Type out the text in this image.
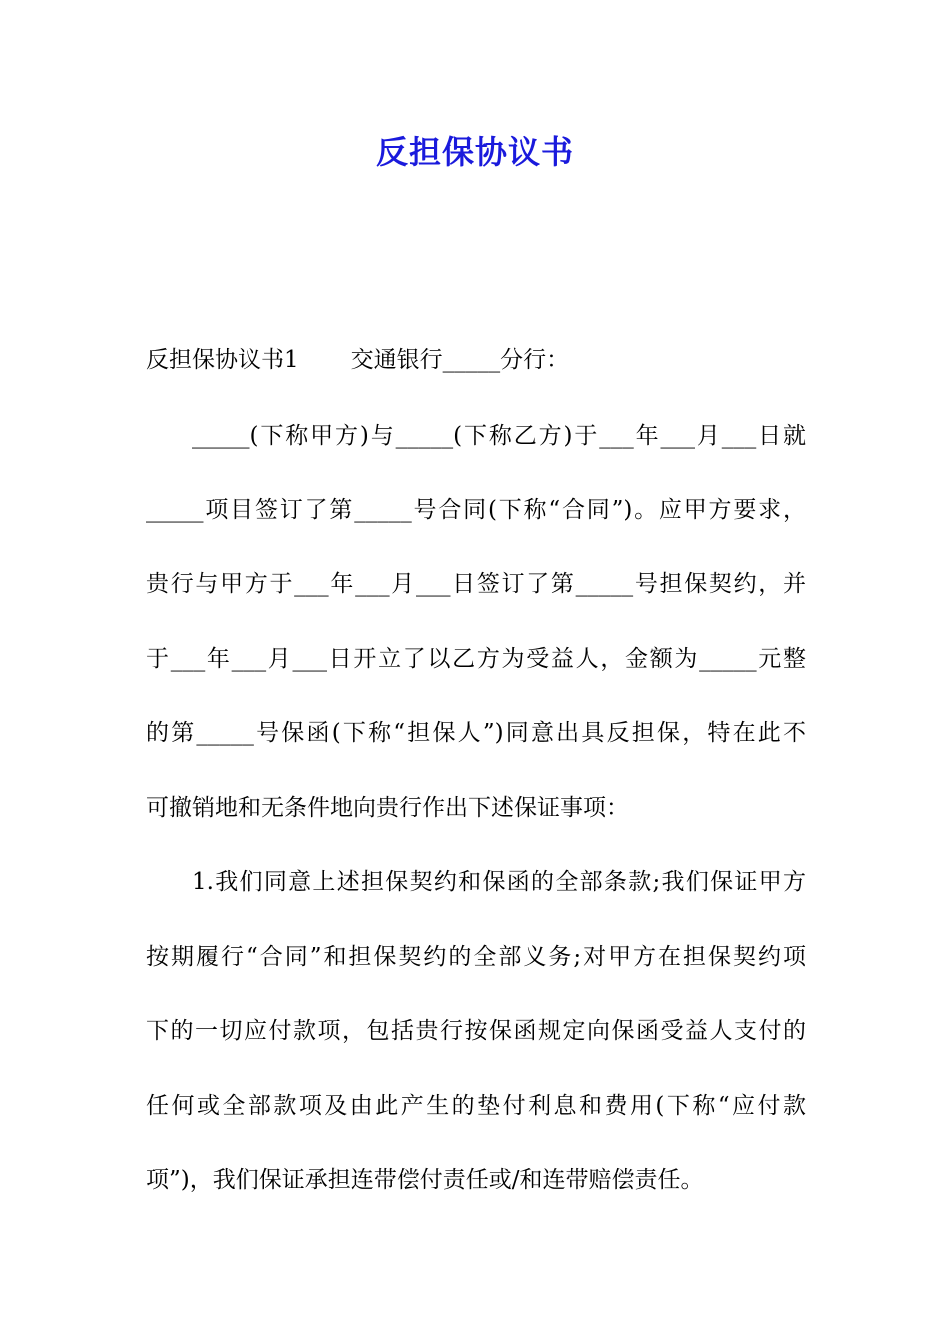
反担保协议书
反担保协议书1 交通银行_____分行：
_____(下称甲方)与_____(下称乙方)于___年___月___日就
_____项目签订了第_____号合同(下称“合同”)。应甲方要求，
贵行与甲方于___年___月___日签订了第_____号担保契约，并
于___年___月___日开立了以乙方为受益人，金额为_____元整
的第_____号保函(下称“担保人”)同意出具反担保，特在此不
可撤销地和无条件地向贵行作出下述保证事项：
1.我们同意上述担保契约和保函的全部条款;我们保证甲方
按期履行“合同”和担保契约的全部义务;对甲方在担保契约项
下的一切应付款项，包括贵行按保函规定向保函受益人支付的
任何或全部款项及由此产生的垫付利息和费用(下称“应付款
项”)，我们保证承担连带偿付责任或/和连带赔偿责任。
